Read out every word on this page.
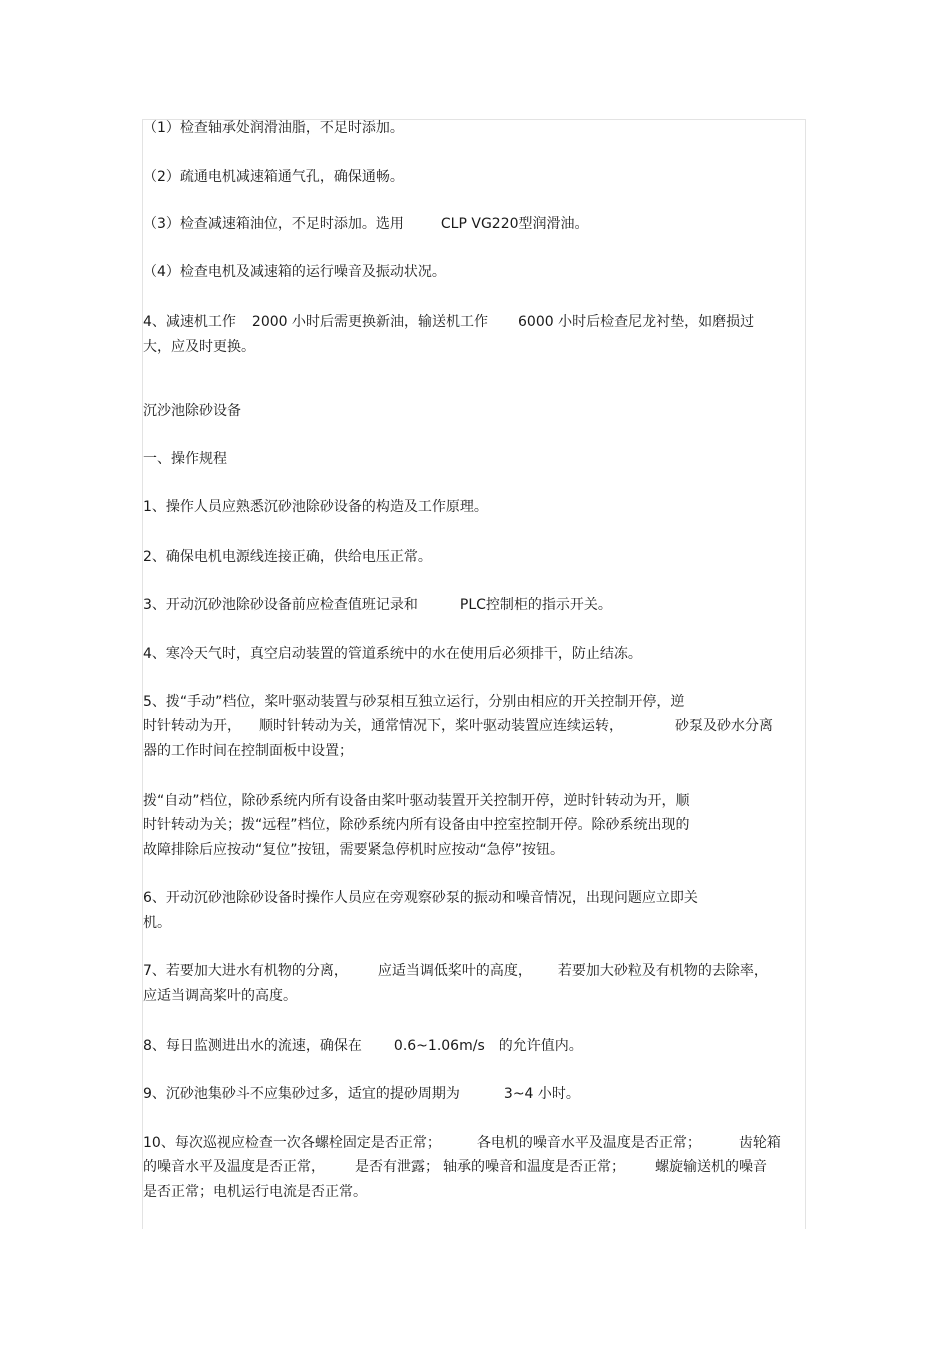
（1）检查轴承处润滑油脂，不足时添加。

（2）疏通电机减速箱通气孔，确保通畅。

（3）检查减速箱油位，不足时添加。选用	CLP VG220型润滑油。

（4）检查电机及减速箱的运行噪音及振动状况。

4、减速机工作 2000 小时后需更换新油，输送机工作 6000 小时后检查尼龙衬垫，如磨损过

大，应及时更换。

沉沙池除砂设备

一、操作规程

1、操作人员应熟悉沉砂池除砂设备的构造及工作原理。

2、确保电机电源线连接正确，供给电压正常。

3、开动沉砂池除砂设备前应检查值班记录和	PLC控制柜的指示开关。

4、寒冷天气时，真空启动装置的管道系统中的水在使用后必须排干，防止结冻。

5、拨“手动”档位，桨叶驱动装置与砂泵相互独立运行，分别由相应的开关控制开停，逆

时针转动为开， 顺时针转动为关，通常情况下，桨叶驱动装置应连续运转，	砂泵及砂水分离

器的工作时间在控制面板中设置；

拨“自动”档位，除砂系统内所有设备由桨叶驱动装置开关控制开停，逆时针转动为开，顺

时针转动为关；拨“远程”档位，除砂系统内所有设备由中控室控制开停。除砂系统出现的

故障排除后应按动“复位”按钮，需要紧急停机时应按动“急停”按钮。

6、开动沉砂池除砂设备时操作人员应在旁观察砂泵的振动和噪音情况，出现问题应立即关

机。

7、若要加大进水有机物的分离， 应适当调低桨叶的高度， 若要加大砂粒及有机物的去除率，

应适当调高桨叶的高度。

8、每日监测进出水的流速，确保在 0.6~1.06m/s 的允许值内。

9、沉砂池集砂斗不应集砂过多，适宜的提砂周期为	3~4 小时。

10、每次巡视应检查一次各螺栓固定是否正常；	各电机的噪音水平及温度是否正常；	齿轮箱

的噪音水平及温度是否正常， 是否有泄露； 轴承的噪音和温度是否正常； 螺旋输送机的噪音

是否正常；电机运行电流是否正常。
